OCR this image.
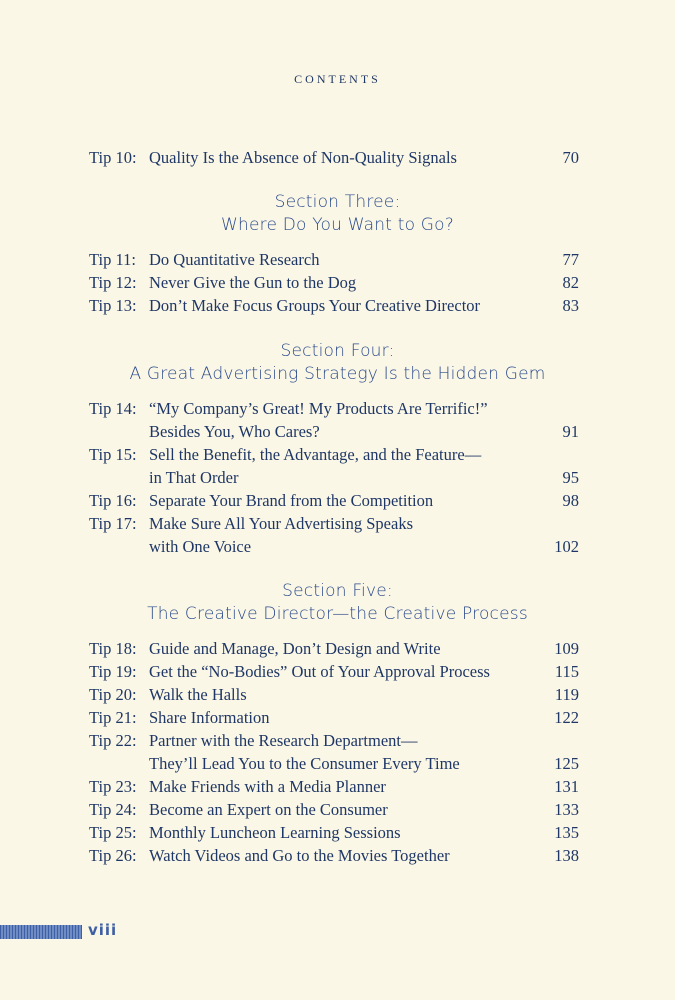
CONTENTS
Section Three:
Where Do You Want to Go?
Section Four:
A Great Advertising Strategy Is the Hidden Gem
Section Five:
The Creative Director—the Creative Process
Tip 10: Quality Is the Absence of Non-Quality Signals	70
Tip 11: Do Quantitative Research	77
Tip 12: Never Give the Gun to the Dog	82
Tip 13: Don’t Make Focus Groups Your Creative Director	83
Tip 14: “My Company’s Great! My Products Are Terrific!”
Besides You, Who Cares?	91
Tip 15: Sell the Benefit, the Advantage, and the Feature—
in That Order	95
Tip 16: Separate Your Brand from the Competition	98
Tip 17: Make Sure All Your Advertising Speaks
with One Voice	102
Tip 18: Guide and Manage, Don’t Design and Write	109
Tip 19: Get the “No-Bodies” Out of Your Approval Process	115
Tip 20: Walk the Halls	119
Tip 21: Share Information	122
Tip 22: Partner with the Research Department—
They’ll Lead You to the Consumer Every Time	125
Tip 23: Make Friends with a Media Planner	131
Tip 24: Become an Expert on the Consumer	133
Tip 25: Monthly Luncheon Learning Sessions	135
Tip 26: Watch Videos and Go to the Movies Together	138
viii
